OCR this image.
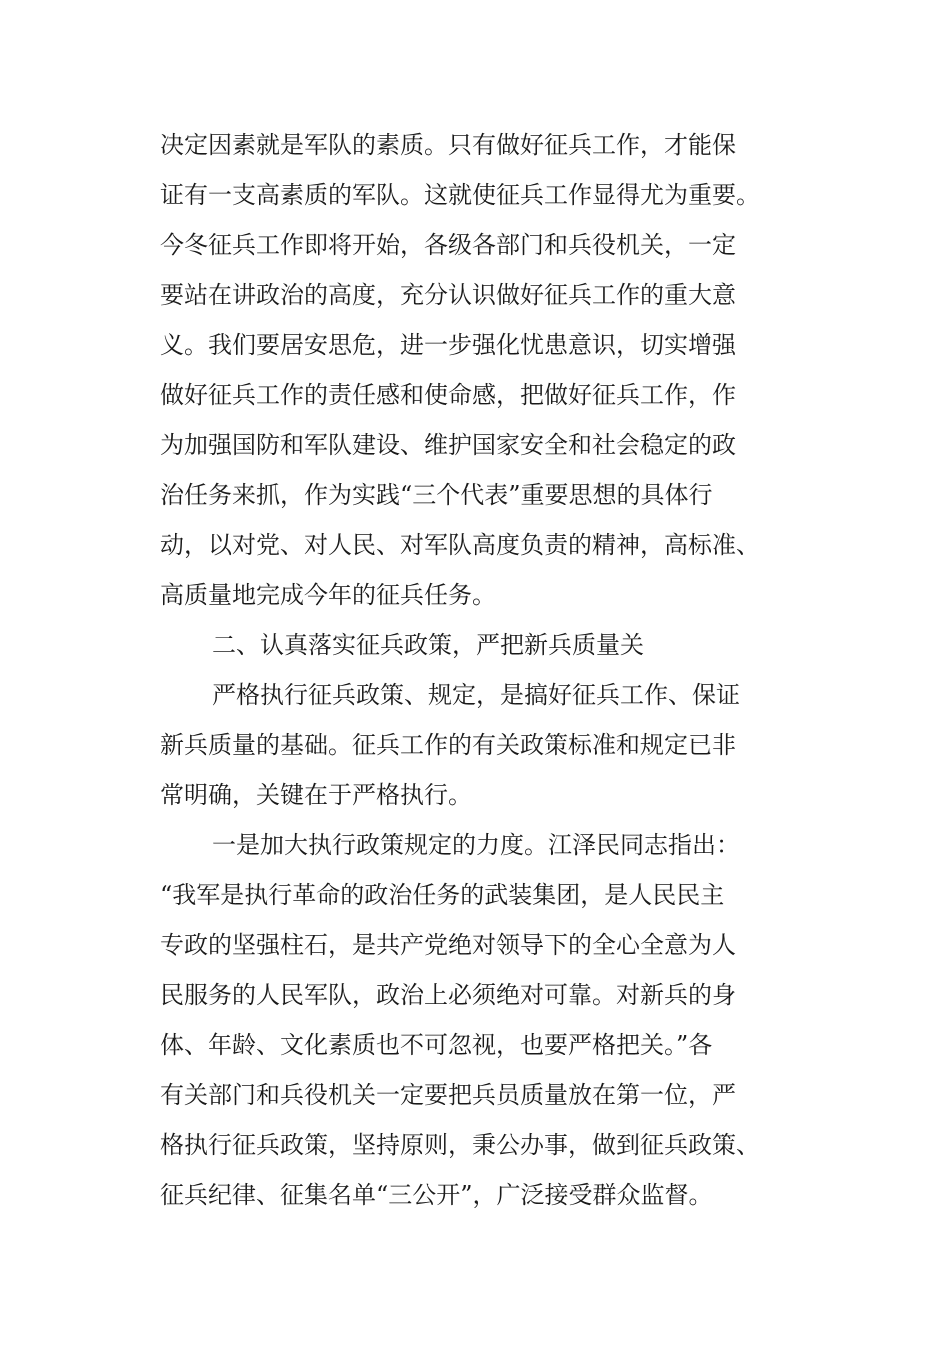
决定因素就是军队的素质。只有做好征兵工作，才能保
证有一支高素质的军队。这就使征兵工作显得尤为重要。
今冬征兵工作即将开始，各级各部门和兵役机关，一定
要站在讲政治的高度，充分认识做好征兵工作的重大意
义。我们要居安思危，进一步强化忧患意识，切实增强
做好征兵工作的责任感和使命感，把做好征兵工作，作
为加强国防和军队建设、维护国家安全和社会稳定的政
治任务来抓，作为实践“三个代表”重要思想的具体行
动，以对党、对人民、对军队高度负责的精神，高标准、
高质量地完成今年的征兵任务。
二、认真落实征兵政策，严把新兵质量关
严格执行征兵政策、规定，是搞好征兵工作、保证
新兵质量的基础。征兵工作的有关政策标准和规定已非
常明确，关键在于严格执行。
一是加大执行政策规定的力度。江泽民同志指出：
“我军是执行革命的政治任务的武装集团，是人民民主
专政的坚强柱石，是共产党绝对领导下的全心全意为人
民服务的人民军队，政治上必须绝对可靠。对新兵的身
体、年龄、文化素质也不可忽视，也要严格把关。”各
有关部门和兵役机关一定要把兵员质量放在第一位，严
格执行征兵政策，坚持原则，秉公办事，做到征兵政策、
征兵纪律、征集名单“三公开”，广泛接受群众监督。
